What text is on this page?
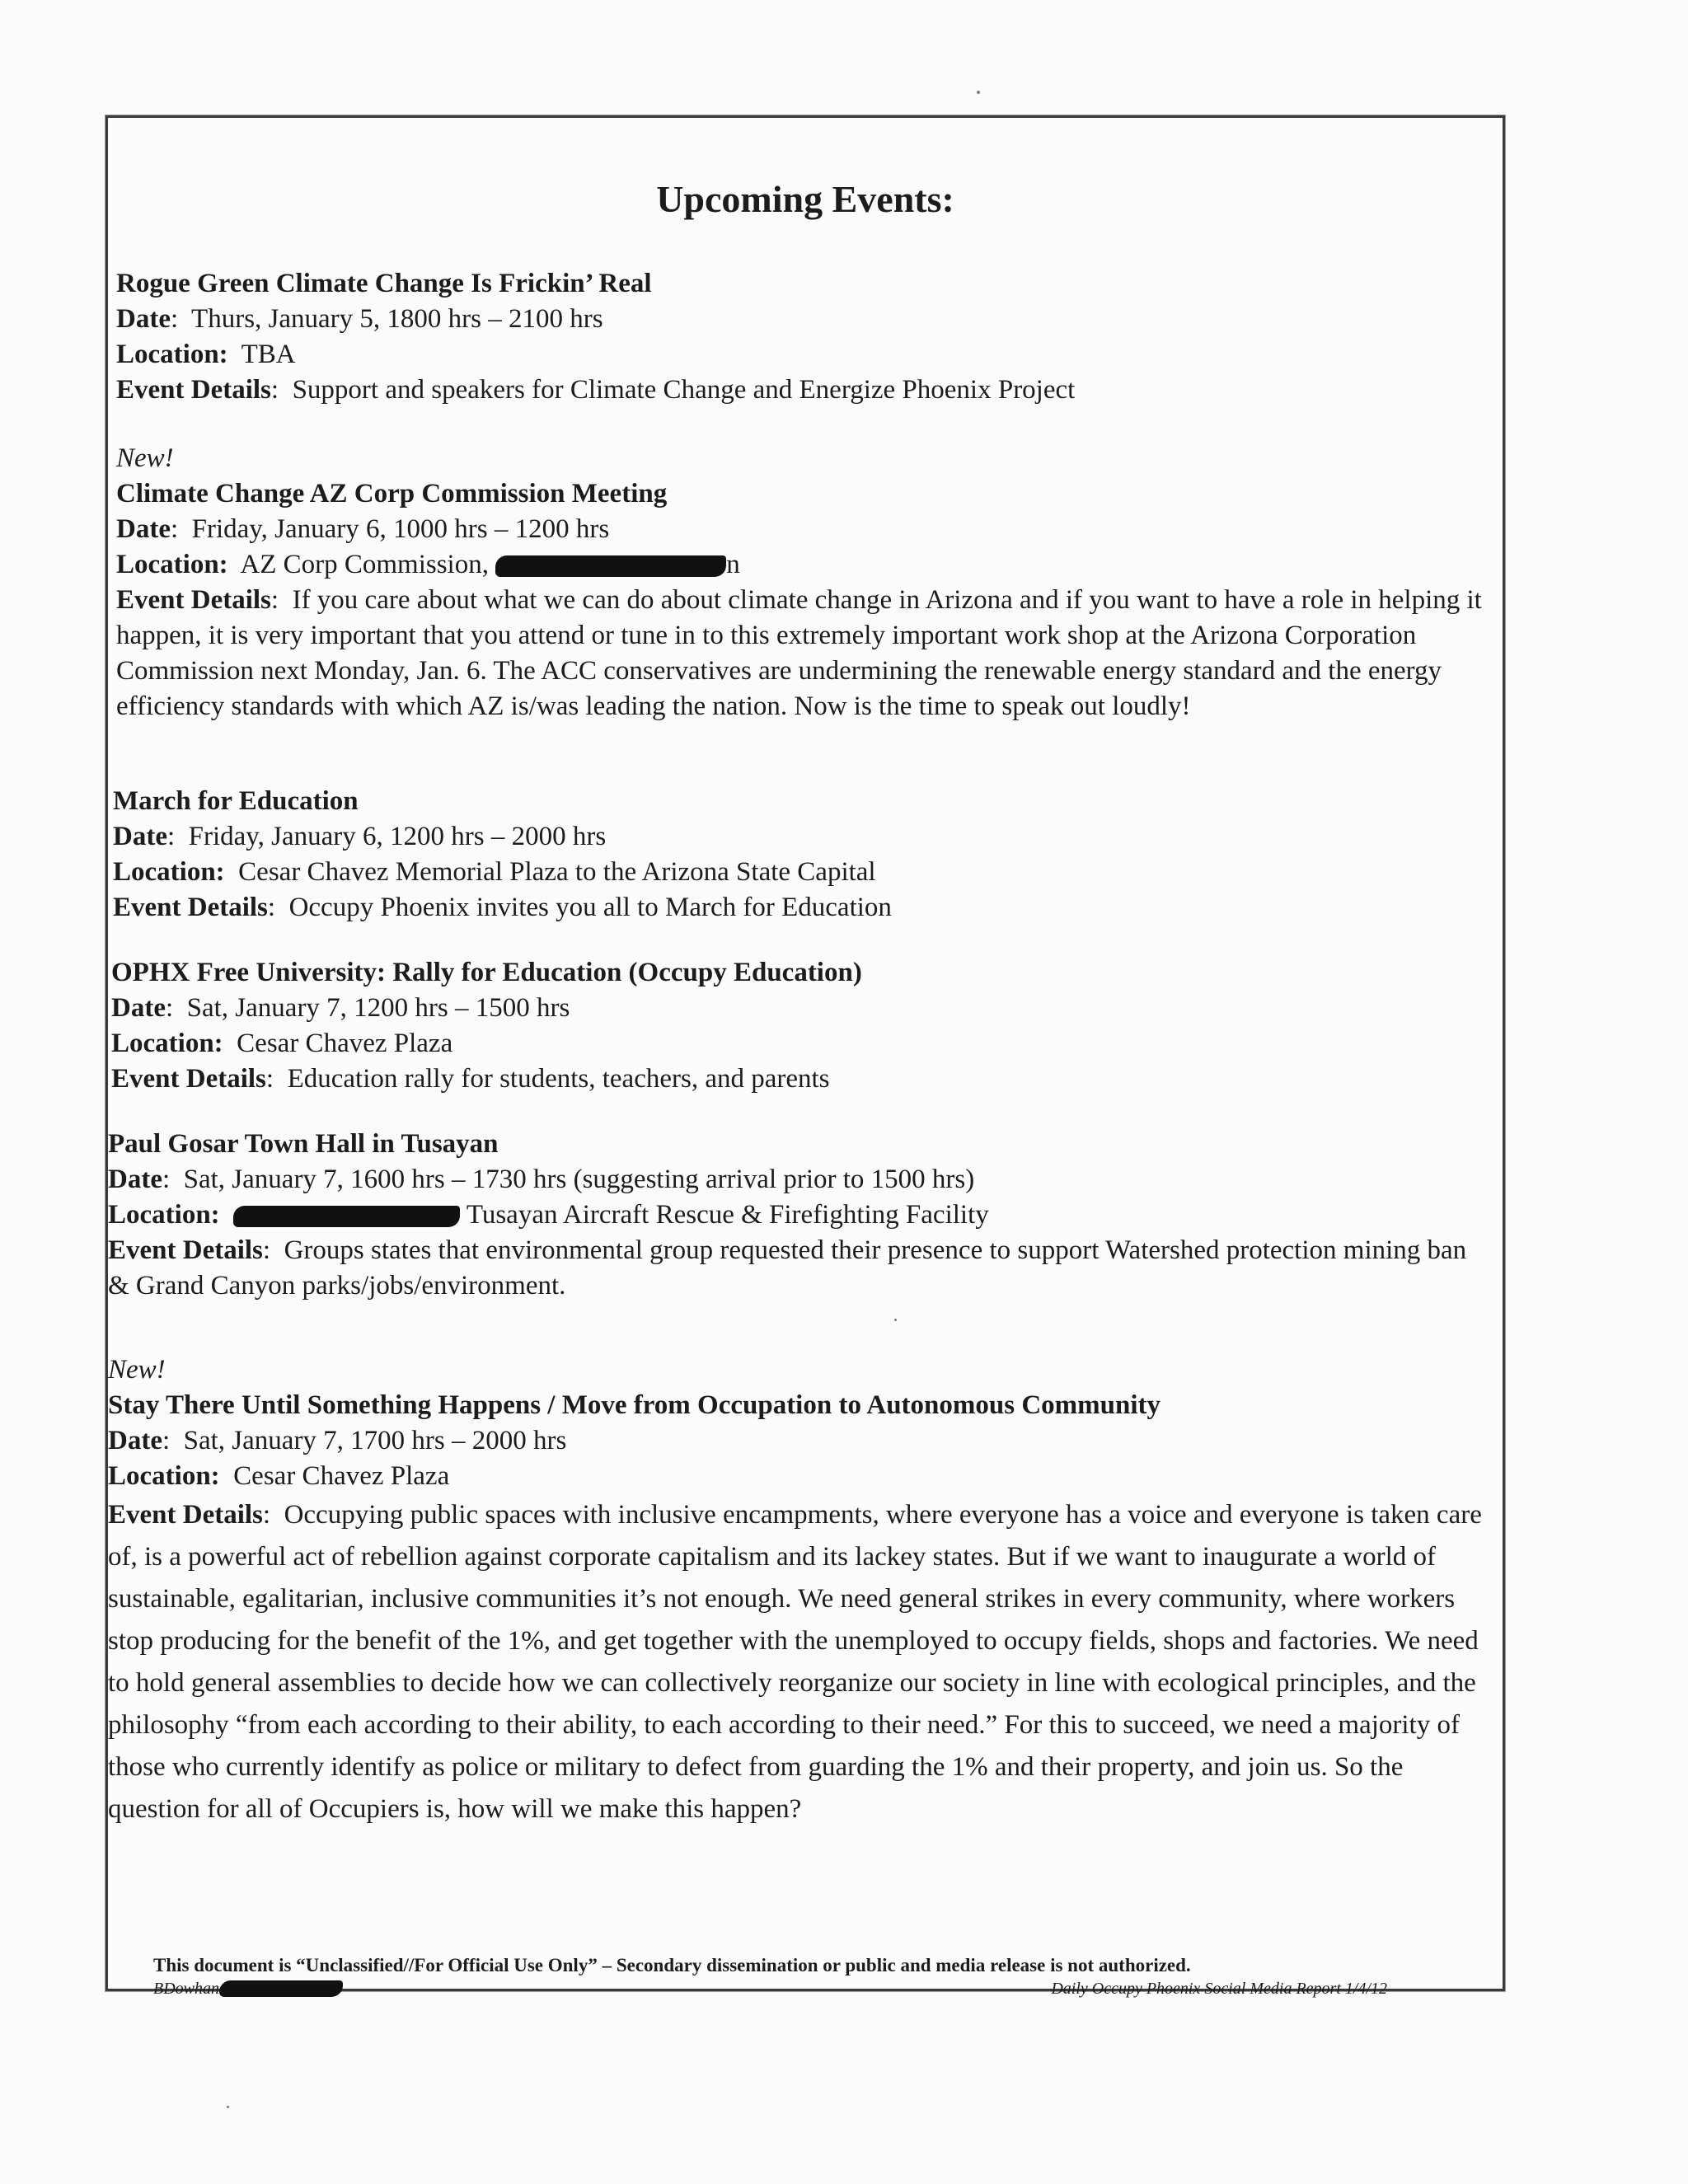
Upcoming Events:
Rogue Green Climate Change Is Frickin’ Real
Date:  Thurs, January 5, 1800 hrs – 2100 hrs
Location: TBA
Event Details:  Support and speakers for Climate Change and Energize Phoenix Project
New!
Climate Change AZ Corp Commission Meeting
Date:  Friday, January 6, 1000 hrs – 1200 hrs
Location: AZ Corp Commission,	n
Event Details:  If you care about what we can do about climate change in Arizona and if you want to have a role in helping it happen, it is very important that you attend or tune in to this extremely important work shop at the Arizona Corporation Commission next Monday, Jan. 6. The ACC conservatives are undermining the renewable energy standard and the energy efficiency standards with which AZ is/was leading the nation. Now is the time to speak out loudly!
March for Education
Date:  Friday, January 6, 1200 hrs – 2000 hrs
Location: Cesar Chavez Memorial Plaza to the Arizona State Capital
Event Details:  Occupy Phoenix invites you all to March for Education
OPHX Free University: Rally for Education (Occupy Education)
Date:  Sat, January 7, 1200 hrs – 1500 hrs
Location: Cesar Chavez Plaza
Event Details:  Education rally for students, teachers, and parents
Paul Gosar Town Hall in Tusayan
Date:  Sat, January 7, 1600 hrs – 1730 hrs (suggesting arrival prior to 1500 hrs)
Location:	Tusayan Aircraft Rescue & Firefighting Facility
Event Details:  Groups states that environmental group requested their presence to support Watershed protection mining ban & Grand Canyon parks/jobs/environment.
New!
Stay There Until Something Happens / Move from Occupation to Autonomous Community
Date:  Sat, January 7, 1700 hrs – 2000 hrs
Location: Cesar Chavez Plaza
Event Details:  Occupying public spaces with inclusive encampments, where everyone has a voice and everyone is taken care of, is a powerful act of rebellion against corporate capitalism and its lackey states. But if we want to inaugurate a world of sustainable, egalitarian, inclusive communities it’s not enough. We need general strikes in every community, where workers stop producing for the benefit of the 1%, and get together with the unemployed to occupy fields, shops and factories. We need to hold general assemblies to decide how we can collectively reorganize our society in line with ecological principles, and the philosophy “from each according to their ability, to each according to their need.” For this to succeed, we need a majority of those who currently identify as police or military to defect from guarding the 1% and their property, and join us. So the question for all of Occupiers is, how will we make this happen?
This document is “Unclassified//For Official Use Only” – Secondary dissemination or public and media release is not authorized.
BDowhan	Daily Occupy Phoenix Social Media Report 1/4/12
